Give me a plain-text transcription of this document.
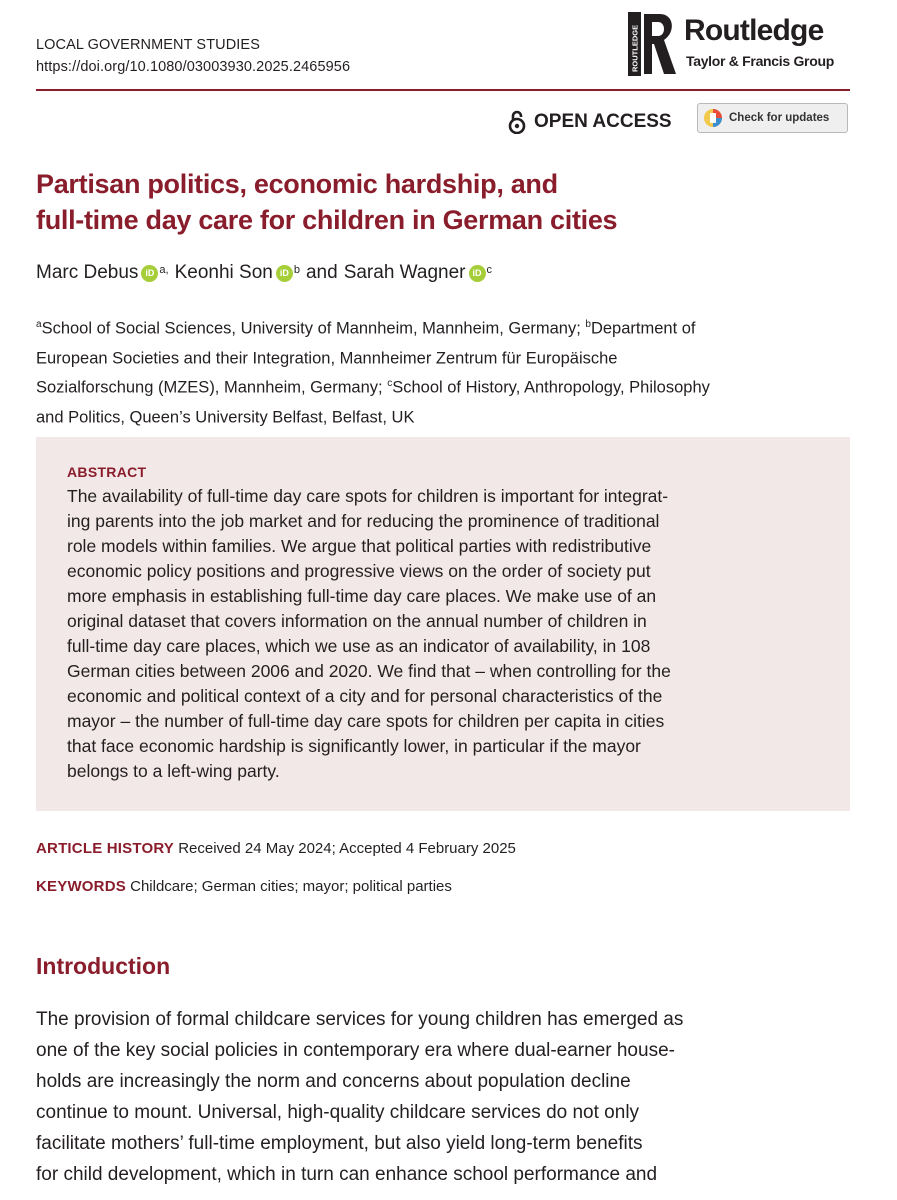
LOCAL GOVERNMENT STUDIES
https://doi.org/10.1080/03003930.2025.2465956	ROUTLEDGE Routledge
Taylor & Francis Group
OPEN ACCESS	Check for updates
Partisan politics, economic hardship, and
full-time day care for children in German cities
Marc Debus iD $^{a,}$ Keonhi Son iD $^b$ and Sarah Wagner iD $^c$
$^a$School of Social Sciences, University of Mannheim, Mannheim, Germany; $^b$Department of
European Societies and their Integration, Mannheimer Zentrum für Europäische
Sozialforschung (MZES), Mannheim, Germany; $^c$School of History, Anthropology, Philosophy
and Politics, Queen’s University Belfast, Belfast, UK
ABSTRACT
The availability of full-time day care spots for children is important for integrat-
ing parents into the job market and for reducing the prominence of traditional
role models within families. We argue that political parties with redistributive
economic policy positions and progressive views on the order of society put
more emphasis in establishing full-time day care places. We make use of an
original dataset that covers information on the annual number of children in
full-time day care places, which we use as an indicator of availability, in 108
German cities between 2006 and 2020. We find that – when controlling for the
economic and political context of a city and for personal characteristics of the
mayor – the number of full-time day care spots for children per capita in cities
that face economic hardship is significantly lower, in particular if the mayor
belongs to a left-wing party.
ARTICLE HISTORY Received 24 May 2024; Accepted 4 February 2025
KEYWORDS Childcare; German cities; mayor; political parties
Introduction
The provision of formal childcare services for young children has emerged as
one of the key social policies in contemporary era where dual-earner house-
holds are increasingly the norm and concerns about population decline
continue to mount. Universal, high-quality childcare services do not only
facilitate mothers’ full-time employment, but also yield long-term benefits
for child development, which in turn can enhance school performance and
